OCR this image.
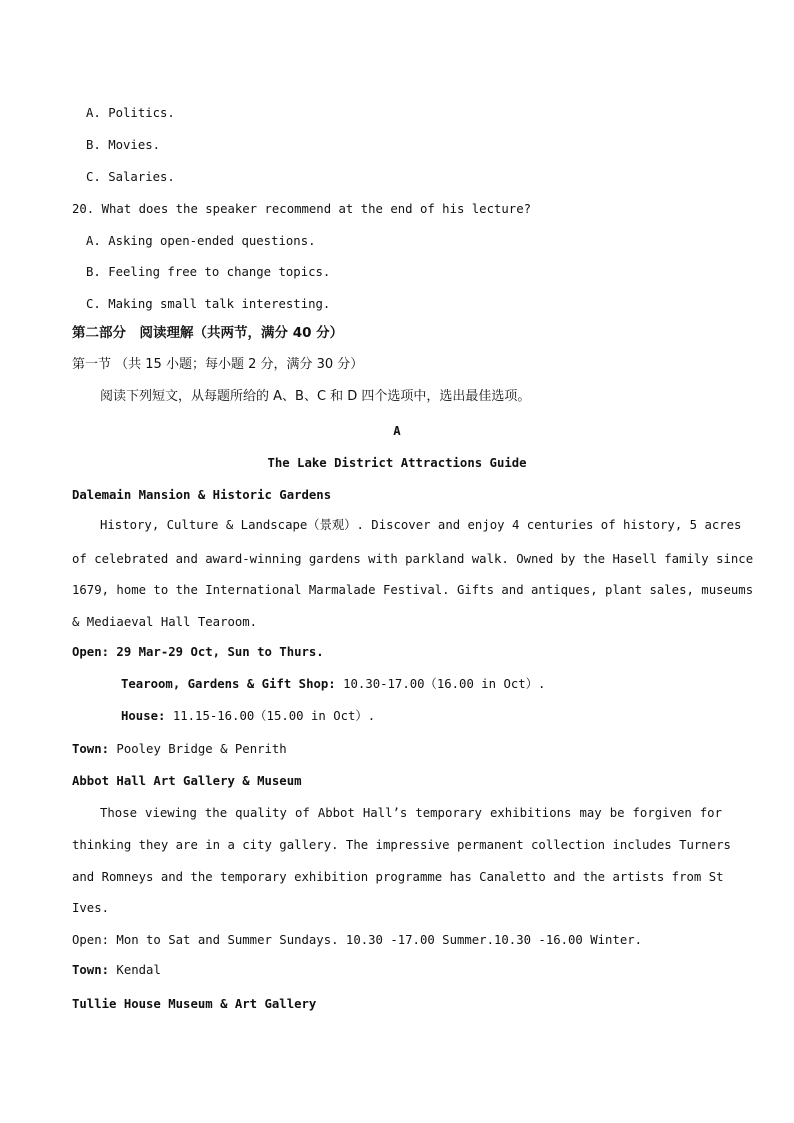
A. Politics.
B. Movies.
C. Salaries.
20. What does the speaker recommend at the end of his lecture?
A. Asking open-ended questions.
B. Feeling free to change topics.
C. Making small talk interesting.
第二部分　阅读理解（共两节，满分 40 分）
第一节 （共 15 小题；每小题 2 分，满分 30 分）
阅读下列短文，从每题所给的 A、B、C 和 D 四个选项中，选出最佳选项。
A
The Lake District Attractions Guide
Dalemain Mansion & Historic Gardens
History, Culture & Landscape（景观）. Discover and enjoy 4 centuries of history, 5 acres
of celebrated and award-winning gardens with parkland walk. Owned by the Hasell family since
1679, home to the International Marmalade Festival. Gifts and antiques, plant sales, museums
& Mediaeval Hall Tearoom.
Open: 29 Mar-29 Oct, Sun to Thurs.
Tearoom, Gardens & Gift Shop: 10.30-17.00（16.00 in Oct）.
House: 11.15-16.00（15.00 in Oct）.
Town: Pooley Bridge & Penrith
Abbot Hall Art Gallery & Museum
Those viewing the quality of Abbot Hall’s temporary exhibitions may be forgiven for
thinking they are in a city gallery. The impressive permanent collection includes Turners
and Romneys and the temporary exhibition programme has Canaletto and the artists from St
Ives.
Open: Mon to Sat and Summer Sundays. 10.30 -17.00 Summer.10.30 -16.00 Winter.
Town: Kendal
Tullie House Museum & Art Gallery
